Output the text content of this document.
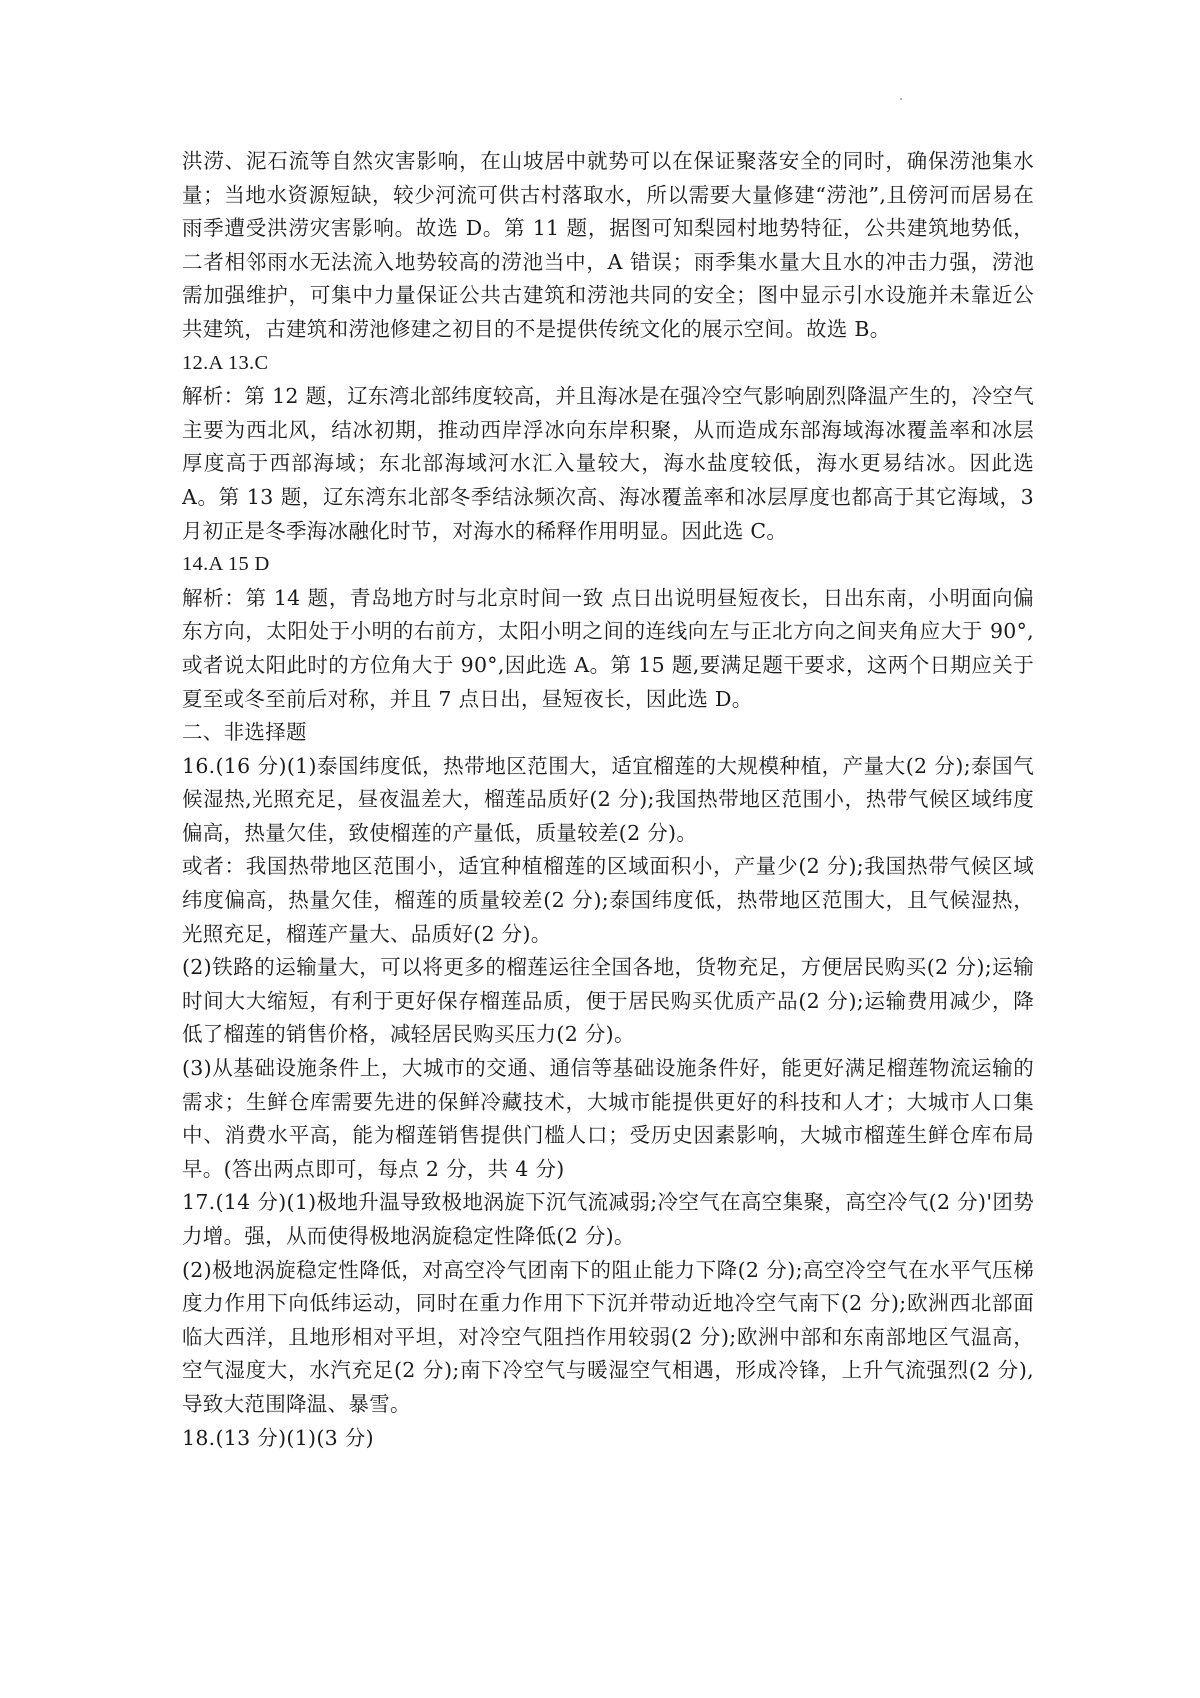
洪涝、泥石流等自然灾害影响，在山坡居中就势可以在保证聚落安全的同时，确保涝池集水量；当地水资源短缺，较少河流可供古村落取水，所以需要大量修建“涝池”,且傍河而居易在雨季遭受洪涝灾害影响。故选 D。第 11 题，据图可知梨园村地势特征，公共建筑地势低，二者相邻雨水无法流入地势较高的涝池当中，A 错误；雨季集水量大且水的冲击力强，涝池需加强维护，可集中力量保证公共古建筑和涝池共同的安全；图中显示引水设施并未靠近公共建筑，古建筑和涝池修建之初目的不是提供传统文化的展示空间。故选 B。

12.A 13.C

解析：第 12 题，辽东湾北部纬度较高，并且海冰是在强冷空气影响剧烈降温产生的，冷空气主要为西北风，结冰初期，推动西岸浮冰向东岸积聚，从而造成东部海域海冰覆盖率和冰层厚度高于西部海域；东北部海域河水汇入量较大，海水盐度较低，海水更易结冰。因此选 A。第 13 题，辽东湾东北部冬季结泳频次高、海冰覆盖率和冰层厚度也都高于其它海域，3 月初正是冬季海冰融化时节，对海水的稀释作用明显。因此选 C。

14.A 15 D

解析：第 14 题，青岛地方时与北京时间一致 点日出说明昼短夜长，日出东南，小明面向偏东方向，太阳处于小明的右前方，太阳小明之间的连线向左与正北方向之间夹角应大于 90°,或者说太阳此时的方位角大于 90°,因此选 A。第 15 题,要满足题干要求，这两个日期应关于夏至或冬至前后对称，并且 7 点日出，昼短夜长，因此选 D。

二、非选择题

16.(16 分)(1)泰国纬度低，热带地区范围大，适宜榴莲的大规模种植，产量大(2 分);泰国气候湿热,光照充足，昼夜温差大，榴莲品质好(2 分);我国热带地区范围小，热带气候区域纬度偏高，热量欠佳，致使榴莲的产量低，质量较差(2 分)。

或者：我国热带地区范围小，适宜种植榴莲的区域面积小，产量少(2 分);我国热带气候区域纬度偏高，热量欠佳，榴莲的质量较差(2 分);泰国纬度低，热带地区范围大，且气候湿热，光照充足，榴莲产量大、品质好(2 分)。

(2)铁路的运输量大，可以将更多的榴莲运往全国各地，货物充足，方便居民购买(2 分);运输时间大大缩短，有利于更好保存榴莲品质，便于居民购买优质产品(2 分);运输费用减少，降低了榴莲的销售价格，减轻居民购买压力(2 分)。

(3)从基础设施条件上，大城市的交通、通信等基础设施条件好，能更好满足榴莲物流运输的需求；生鲜仓库需要先进的保鲜冷藏技术，大城市能提供更好的科技和人才；大城市人口集中、消费水平高，能为榴莲销售提供门槛人口；受历史因素影响，大城市榴莲生鲜仓库布局早。(答出两点即可，每点 2 分，共 4 分)

17.(14 分)(1)极地升温导致极地涡旋下沉气流减弱;冷空气在高空集聚，高空冷气(2 分)'团势力增。强，从而使得极地涡旋稳定性降低(2 分)。

(2)极地涡旋稳定性降低，对高空冷气团南下的阻止能力下降(2 分);高空冷空气在水平气压梯度力作用下向低纬运动，同时在重力作用下下沉并带动近地冷空气南下(2 分);欧洲西北部面临大西洋，且地形相对平坦，对冷空气阻挡作用较弱(2 分);欧洲中部和东南部地区气温高，空气湿度大，水汽充足(2 分);南下冷空气与暖湿空气相遇，形成冷锋，上升气流强烈(2 分),导致大范围降温、暴雪。

18.(13 分)(1)(3 分)
